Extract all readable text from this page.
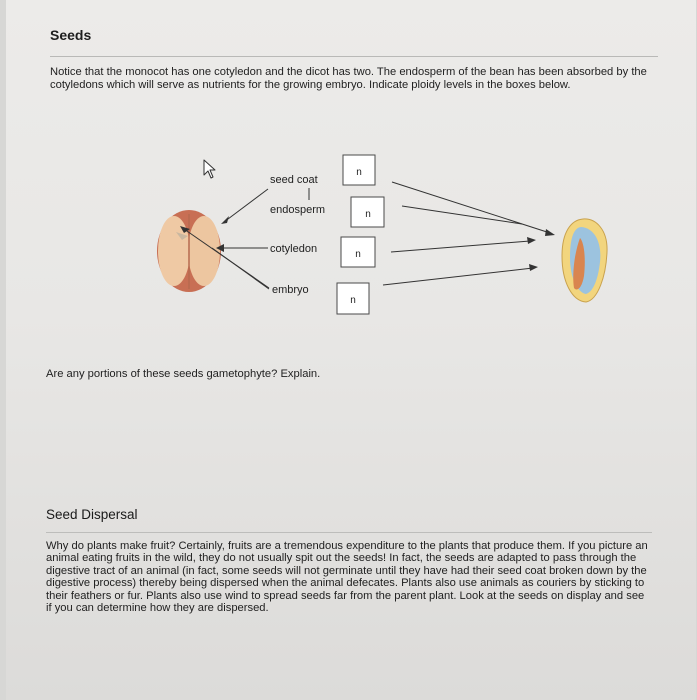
Seeds

Notice that the monocot has one cotyledon and the dicot has two. The endosperm of the bean has been absorbed by the cotyledons which will serve as nutrients for the growing embryo. Indicate ploidy levels in the boxes below.

seed coat
endosperm
cotyledon
embryo
n
n
n
n

Are any portions of these seeds gametophyte? Explain.

Seed Dispersal

Why do plants make fruit? Certainly, fruits are a tremendous expenditure to the plants that produce them. If you picture an animal eating fruits in the wild, they do not usually spit out the seeds! In fact, the seeds are adapted to pass through the digestive tract of an animal (in fact, some seeds will not germinate until they have had their seed coat broken down by the digestive process) thereby being dispersed when the animal defecates. Plants also use animals as couriers by sticking to their feathers or fur. Plants also use wind to spread seeds far from the parent plant. Look at the seeds on display and see if you can determine how they are dispersed.
